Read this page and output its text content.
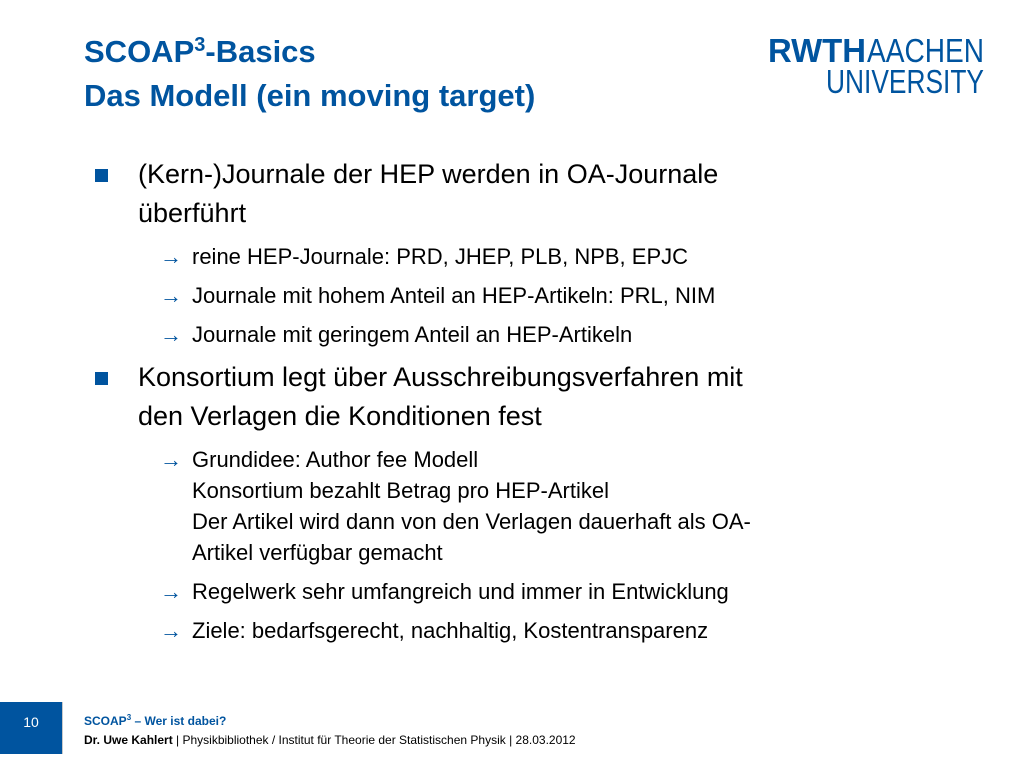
SCOAP$^3$-Basics
Das Modell (ein moving target)
RWTH AACHEN
UNIVERSITY
(Kern-)Journale der HEP werden in OA-Journale
überführt
→ reine HEP-Journale: PRD, JHEP, PLB, NPB, EPJC
→ Journale mit hohem Anteil an HEP-Artikeln: PRL, NIM
→ Journale mit geringem Anteil an HEP-Artikeln
Konsortium legt über Ausschreibungsverfahren mit
den Verlagen die Konditionen fest
→ Grundidee: Author fee Modell
Konsortium bezahlt Betrag pro HEP-Artikel
Der Artikel wird dann von den Verlagen dauerhaft als OA-
Artikel verfügbar gemacht
→ Regelwerk sehr umfangreich und immer in Entwicklung
→ Ziele: bedarfsgerecht, nachhaltig, Kostentransparenz
10	SCOAP$^3$ – Wer ist dabei?
Dr. Uwe Kahlert | Physikbibliothek / Institut für Theorie der Statistischen Physik | 28.03.2012
